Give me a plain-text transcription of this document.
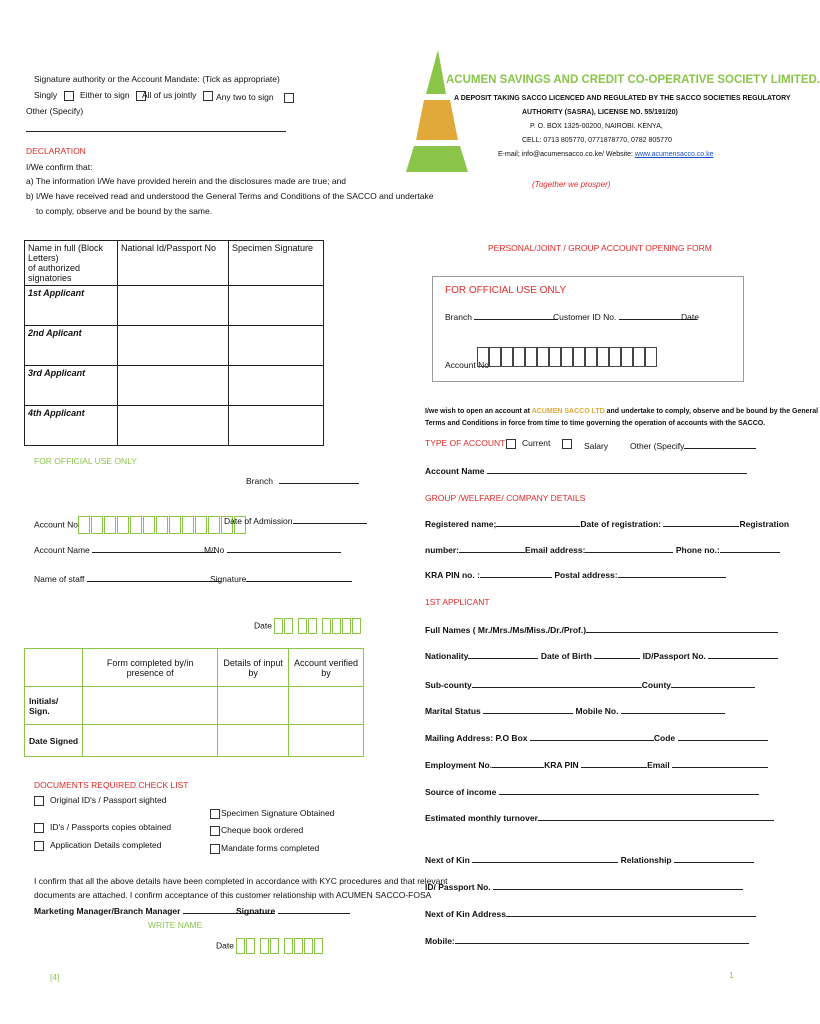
Signature authority or the Account Mandate: (Tick as appropriate)
Singly	Either to sign	All of us jointly	Any two to sign
Other (Specify)
DECLARATION
I/We confirm that:
a) The information I/We have provided herein and the disclosures made are true; and
b) I/We have received read and understood the General Terms and Conditions of the SACCO and undertake
to comply, observe and be bound by the same.
Name in full (Block Letters)
of authorized signatories	National Id/Passport No	Specimen Signature
1st Applicant		
2nd Aplicant		
3rd Applicant		
4th Applicant		
FOR OFFICIAL USE ONLY
Branch
Account No	Date of Admission
Account Name	M/No
Name of staff	Signature
Date
	Form completed by/in presence of	Details of input by	Account verified by
Initials/ Sign.			
Date Signed			
DOCUMENTS REQUIRED CHECK LIST
Original ID's / Passport sighted
ID's / Passports copies obtained
Application Details completed
Specimen Signature Obtained
Cheque book ordered
Mandate forms completed
I confirm that all the above details have been completed in accordance with KYC procedures and that relevant
documents are attached. I confirm acceptance of this customer relationship with ACUMEN SACCO-FOSA
Marketing Manager/Branch Manager	Signature
WRITE NAME
Date
[4]
ACUMEN SAVINGS AND CREDIT CO-OPERATIVE SOCIETY LIMITED.
A DEPOSIT TAKING SACCO LICENCED AND REGULATED BY THE SACCO SOCIETIES REGULATORY
AUTHORITY (SASRA), LICENSE NO. 55/191/20)
P. O. BOX 1325-00200, NAIROBI. KENYA,
CELL: 0713 805770, 0771878770, 0782 805770
E-mail; info@acumensacco.co.ke/ Website: www.acumensacco.co.ke
(Together we prosper)
PERSONAL/JOINT / GROUP ACCOUNT OPENING FORM
FOR OFFICIAL USE ONLY
Branch	Customer ID No.	Date
Account No
I/we wish to open an account at ACUMEN SACCO LTD and undertake to comply, observe and be bound by the General
Terms and Conditions in force from time to time governing the operation of accounts with the SACCO.
TYPE OF ACCOUNT	Current	Salary	Other (Specify
Account Name
GROUP /WELFARE/ COMPANY DETAILS
Registered name;	Date of registration:	Registration
number:	Email address:	Phone no.:
KRA PIN no. :	Postal address:
1ST APPLICANT
Full Names ( Mr./Mrs./Ms/Miss./Dr./Prof.)
Nationality	Date of Birth	ID/Passport No.
Sub-county	County
Marital Status	Mobile No.
Mailing Address: P.O Box	Code
Employment No.	KRA PIN	Email
Source of income
Estimated monthly turnover
Next of Kin	Relationship
ID/ Passport No.
Next of Kin Address
Mobile:
1
